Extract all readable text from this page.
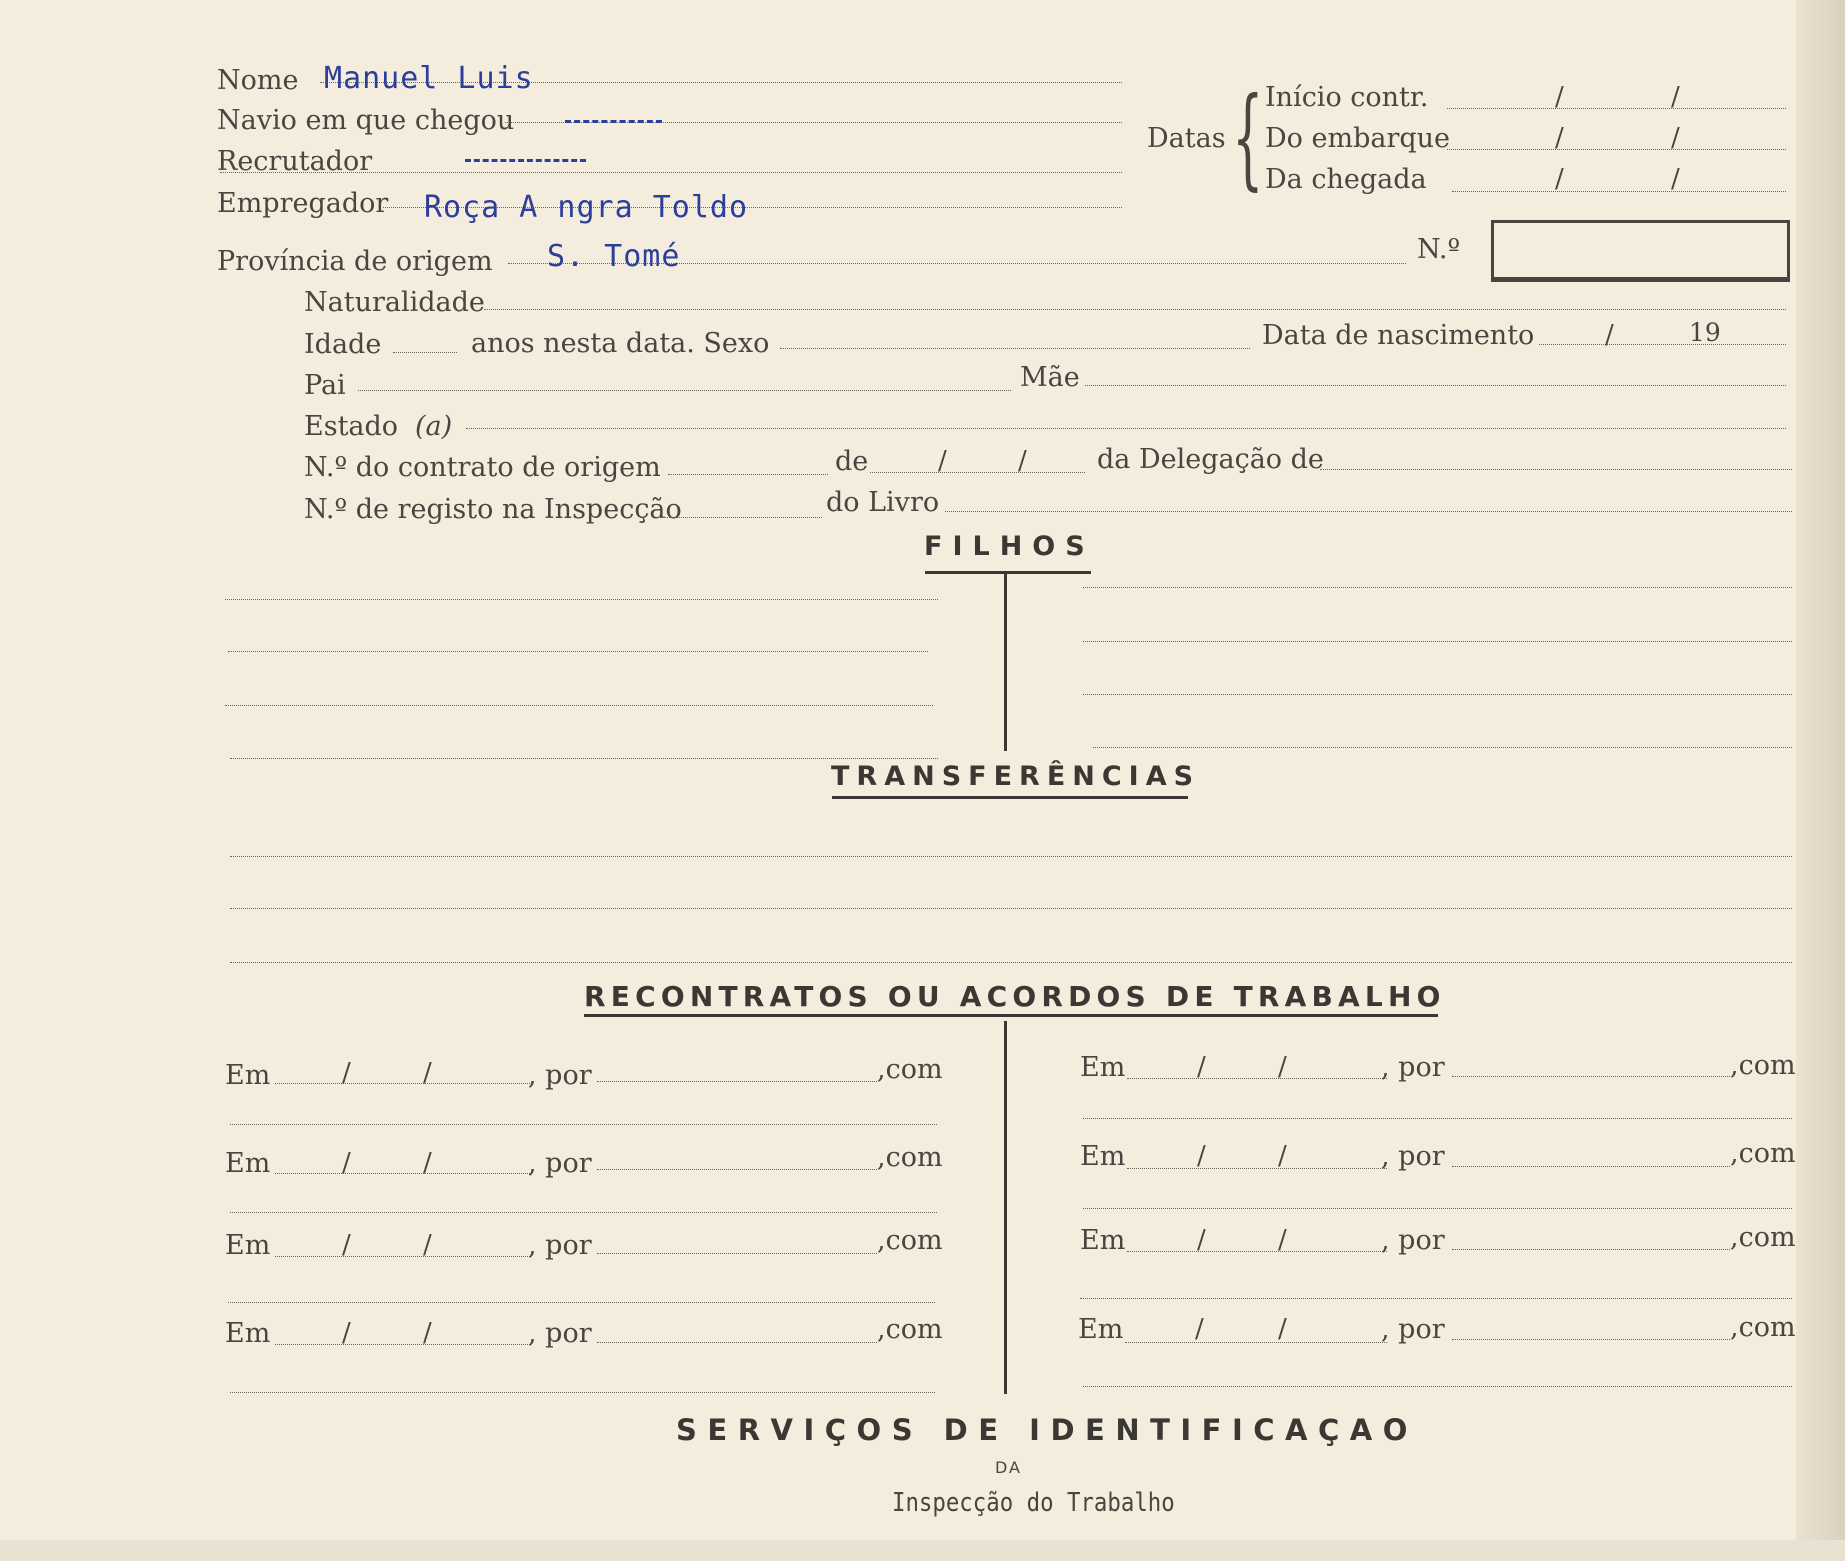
Nome Manuel Luis
Navio em que chegou
Recrutador
Empregador Roça A ngra Toldo
Datas { Início contr.	/	/
Do embarque	/	/
Da chegada	/	/
Província de origem S. Tomé	N.º
Naturalidade
Idade	anos nesta data. Sexo	Data de nascimento	/	19
Pai	Mãe
Estado (a)
N.º do contrato de origem	de	/	/	da Delegação de
N.º de registo na Inspecção	do Livro
FILHOS
TRANSFERÊNCIAS
RECONTRATOS OU ACORDOS DE TRABALHO
Em	/	/	, por	,com
Em	/	/	, por	,com
Em	/	/	, por	,com
Em	/	/	, por	,com
Em	/	/	, por	,com
Em	/	/	, por	,com
Em	/	/	, por	,com
Em	/	/	, por	,com
SERVIÇOS DE IDENTIFICAÇAO
DA
Inspecção do Trabalho
